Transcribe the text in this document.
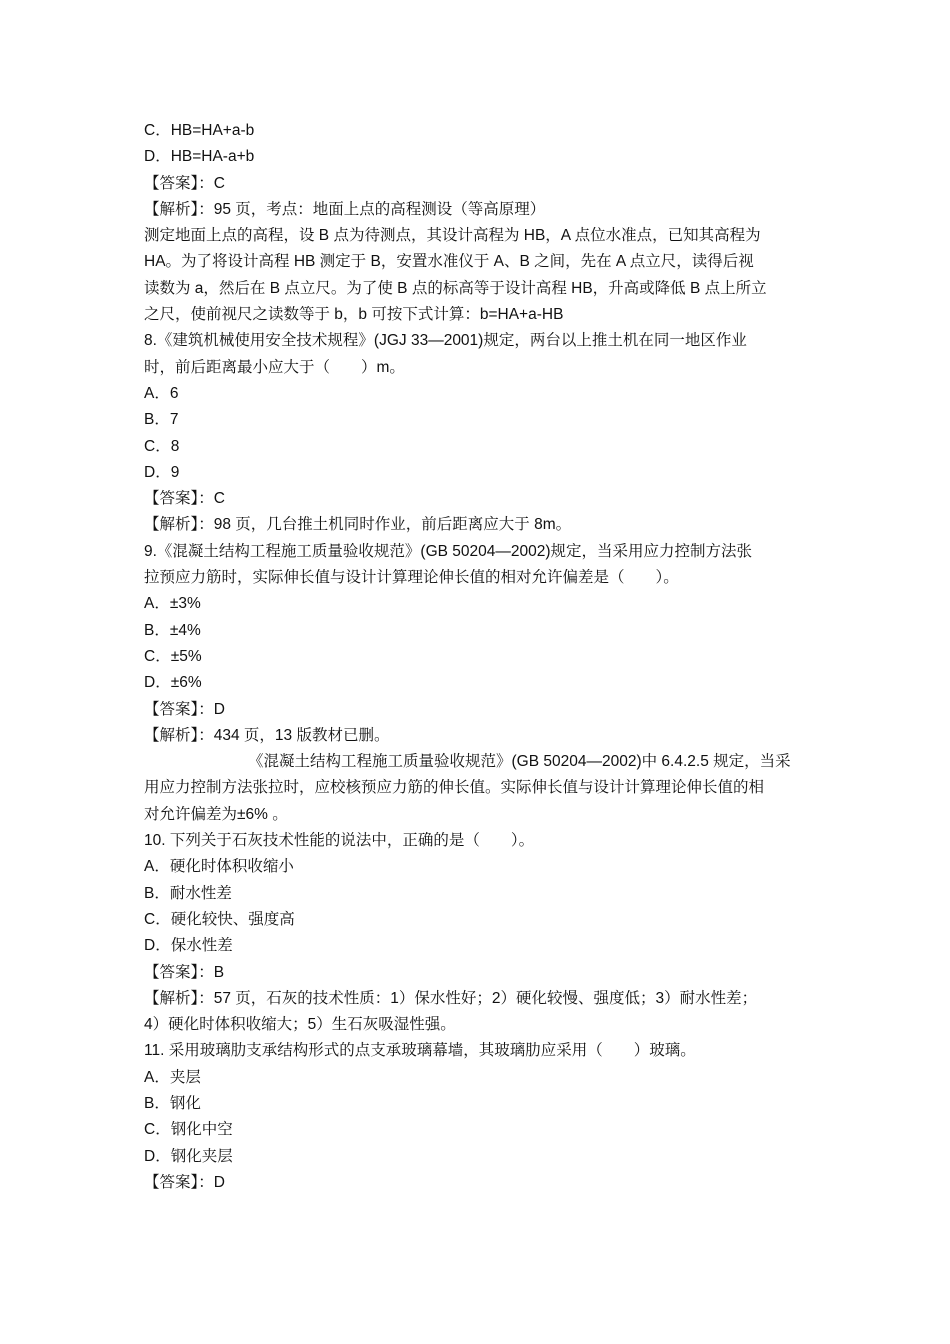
C．HB=HA+a-b
D．HB=HA-a+b
【答案】：C
【解析】：95 页，考点：地面上点的高程测设（等高原理）
测定地面上点的高程，设 B 点为待测点，其设计高程为 HB，A 点位水准点，已知其高程为
HA。为了将设计高程 HB 测定于 B，安置水准仪于 A、B 之间，先在 A 点立尺，读得后视
读数为 a，然后在 B 点立尺。为了使 B 点的标高等于设计高程 HB，升高或降低 B 点上所立
之尺，使前视尺之读数等于 b，b 可按下式计算：b=HA+a-HB
8.《建筑机械使用安全技术规程》(JGJ 33—2001)规定，两台以上推土机在同一地区作业
时，前后距离最小应大于（　　）m。
A．6
B．7
C．8
D．9
【答案】：C
【解析】：98 页，几台推土机同时作业，前后距离应大于 8m。
9.《混凝土结构工程施工质量验收规范》(GB 50204—2002)规定，当采用应力控制方法张
拉预应力筋时，实际伸长值与设计计算理论伸长值的相对允许偏差是（　　）。
A．±3%
B．±4%
C．±5%
D．±6%
【答案】：D
【解析】：434 页，13 版教材已删。
《混凝土结构工程施工质量验收规范》(GB 50204—2002)中 6.4.2.5 规定，当采
用应力控制方法张拉时，应校核预应力筋的伸长值。实际伸长值与设计计算理论伸长值的相
对允许偏差为±6% 。
10. 下列关于石灰技术性能的说法中，正确的是（　　）。
A．硬化时体积收缩小
B．耐水性差
C．硬化较快、强度高
D．保水性差
【答案】：B
【解析】：57 页，石灰的技术性质：1）保水性好；2）硬化较慢、强度低；3）耐水性差；
4）硬化时体积收缩大；5）生石灰吸湿性强。
11. 采用玻璃肋支承结构形式的点支承玻璃幕墙，其玻璃肋应采用（　　）玻璃。
A．夹层
B．钢化
C．钢化中空
D．钢化夹层
【答案】：D
